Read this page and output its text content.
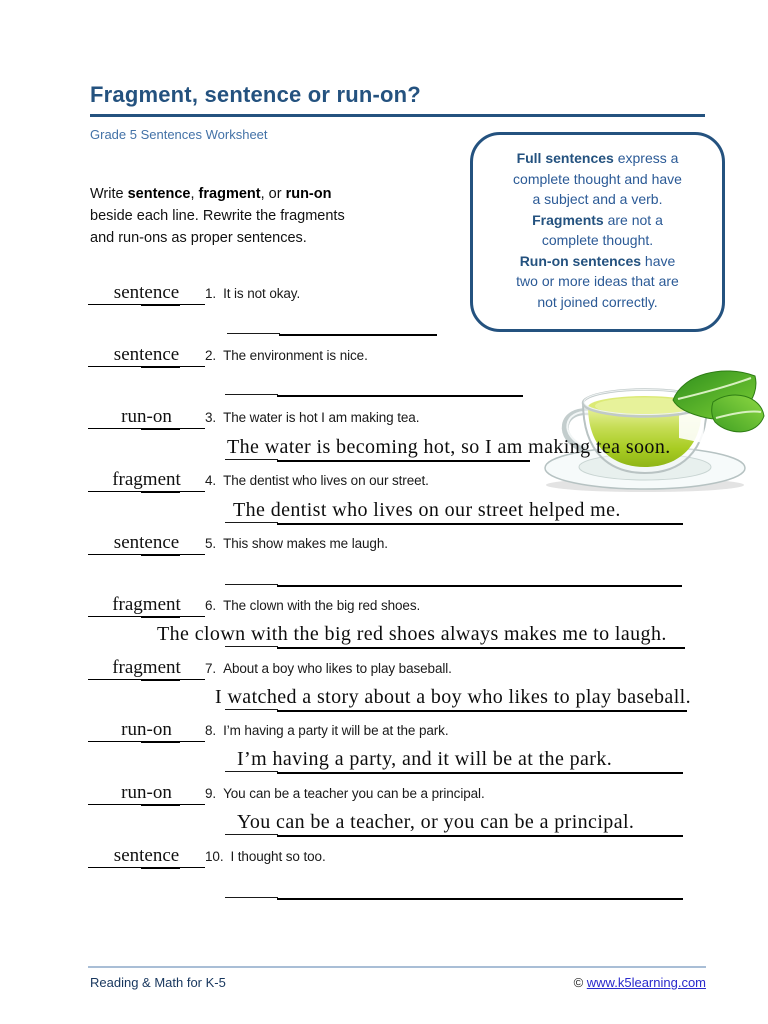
Fragment, sentence or run-on?
Grade 5 Sentences Worksheet
Write sentence, fragment, or run-on
beside each line. Rewrite the fragments
and run-ons as proper sentences.
Full sentences express a
complete thought and have
a subject and a verb.
Fragments are not a
complete thought.
Run-on sentences have
two or more ideas that are
not joined correctly.
sentence	1. It is not okay.
sentence	2. The environment is nice.
run-on	3. The water is hot I am making tea.
The water is becoming hot, so I am making tea soon.
fragment	4. The dentist who lives on our street.
The dentist who lives on our street helped me.
sentence	5. This show makes me laugh.
fragment	6. The clown with the big red shoes.
The clown with the big red shoes always makes me to laugh.
fragment	7. About a boy who likes to play baseball.
I watched a story about a boy who likes to play baseball.
run-on	8. I’m having a party it will be at the park.
I’m having a party, and it will be at the park.
run-on	9. You can be a teacher you can be a principal.
You can be a teacher, or you can be a principal.
sentence	10. I thought so too.
Reading & Math for K-5	© www.k5learning.com
